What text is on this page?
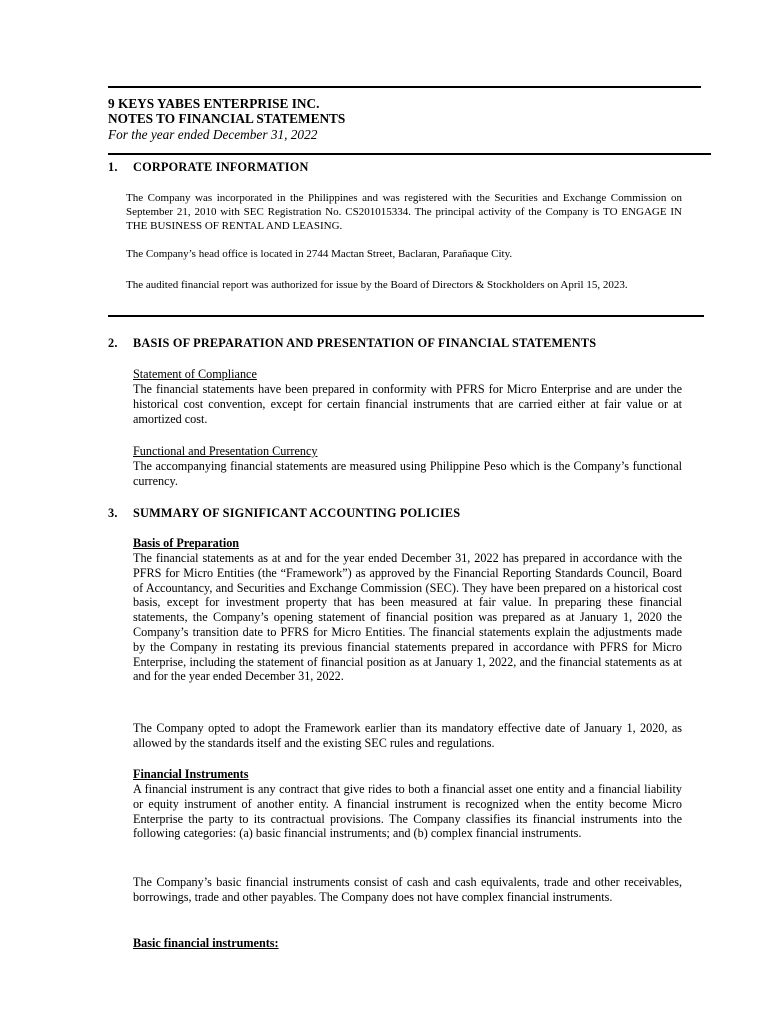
9 KEYS YABES ENTERPRISE INC.
NOTES TO FINANCIAL STATEMENTS
For the year ended December 31, 2022
1. CORPORATE INFORMATION
The Company was incorporated in the Philippines and was registered with the Securities and Exchange Commission on September 21, 2010 with SEC Registration No. CS201015334. The principal activity of the Company is TO ENGAGE IN THE BUSINESS OF RENTAL AND LEASING.
The Company’s head office is located in 2744 Mactan Street, Baclaran, Parañaque City.
The audited financial report was authorized for issue by the Board of Directors & Stockholders on April 15, 2023.
2. BASIS OF PREPARATION AND PRESENTATION OF FINANCIAL STATEMENTS
Statement of Compliance
The financial statements have been prepared in conformity with PFRS for Micro Enterprise and are under the historical cost convention, except for certain financial instruments that are carried either at fair value or at amortized cost.
Functional and Presentation Currency
The accompanying financial statements are measured using Philippine Peso which is the Company’s functional currency.
3. SUMMARY OF SIGNIFICANT ACCOUNTING POLICIES
Basis of Preparation
The financial statements as at and for the year ended December 31, 2022 has prepared in accordance with the PFRS for Micro Entities (the “Framework”) as approved by the Financial Reporting Standards Council, Board of Accountancy, and Securities and Exchange Commission (SEC). They have been prepared on a historical cost basis, except for investment property that has been measured at fair value. In preparing these financial statements, the Company’s opening statement of financial position was prepared as at January 1, 2020 the Company’s transition date to PFRS for Micro Entities. The financial statements explain the adjustments made by the Company in restating its previous financial statements prepared in accordance with PFRS for Micro Enterprise, including the statement of financial position as at January 1, 2022, and the financial statements as at and for the year ended December 31, 2022.
The Company opted to adopt the Framework earlier than its mandatory effective date of January 1, 2020, as allowed by the standards itself and the existing SEC rules and regulations.
Financial Instruments
A financial instrument is any contract that give rides to both a financial asset one entity and a financial liability or equity instrument of another entity. A financial instrument is recognized when the entity become Micro Enterprise the party to its contractual provisions. The Company classifies its financial instruments into the following categories: (a) basic financial instruments; and (b) complex financial instruments.
The Company’s basic financial instruments consist of cash and cash equivalents, trade and other receivables, borrowings, trade and other payables. The Company does not have complex financial instruments.
Basic financial instruments:
